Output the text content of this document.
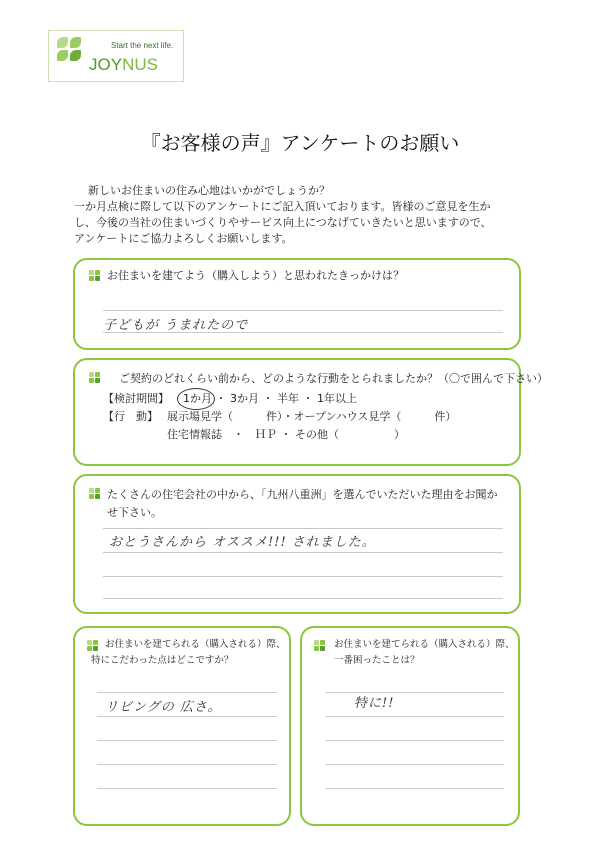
Start the next life.
JOYNUS
『お客様の声』アンケートのお願い
新しいお住まいの住み心地はいかがでしょうか？
一か月点検に際して以下のアンケートにご記入頂いております。皆様のご意見を生か
し、今後の当社の住まいづくりやサービス向上につなげていきたいと思いますので、
アンケートにご協力よろしくお願いします。
お住まいを建てよう（購入しよう）と思われたきっかけは？
子どもが うまれたので
ご契約のどれくらい前から、どのような行動をとられましたか？（〇で囲んで下さい）
【検討期間】 1か月 ・ 3か月 ・ 半年 ・ 1年以上
【行　動】 展示場見学（　　　件）・オープンハウス見学（　　　件）
住宅情報誌　・　ＨＰ ・ その他（　　　　　）
たくさんの住宅会社の中から、「九州八重洲」を選んでいただいた理由をお聞か
せ下さい。
おとうさんから オススメ!!! されました。
お住まいを建てられる（購入される）際、
特にこだわった点はどこですか？
リビングの 広さ。
お住まいを建てられる（購入される）際、
一番困ったことは？
特に!!
